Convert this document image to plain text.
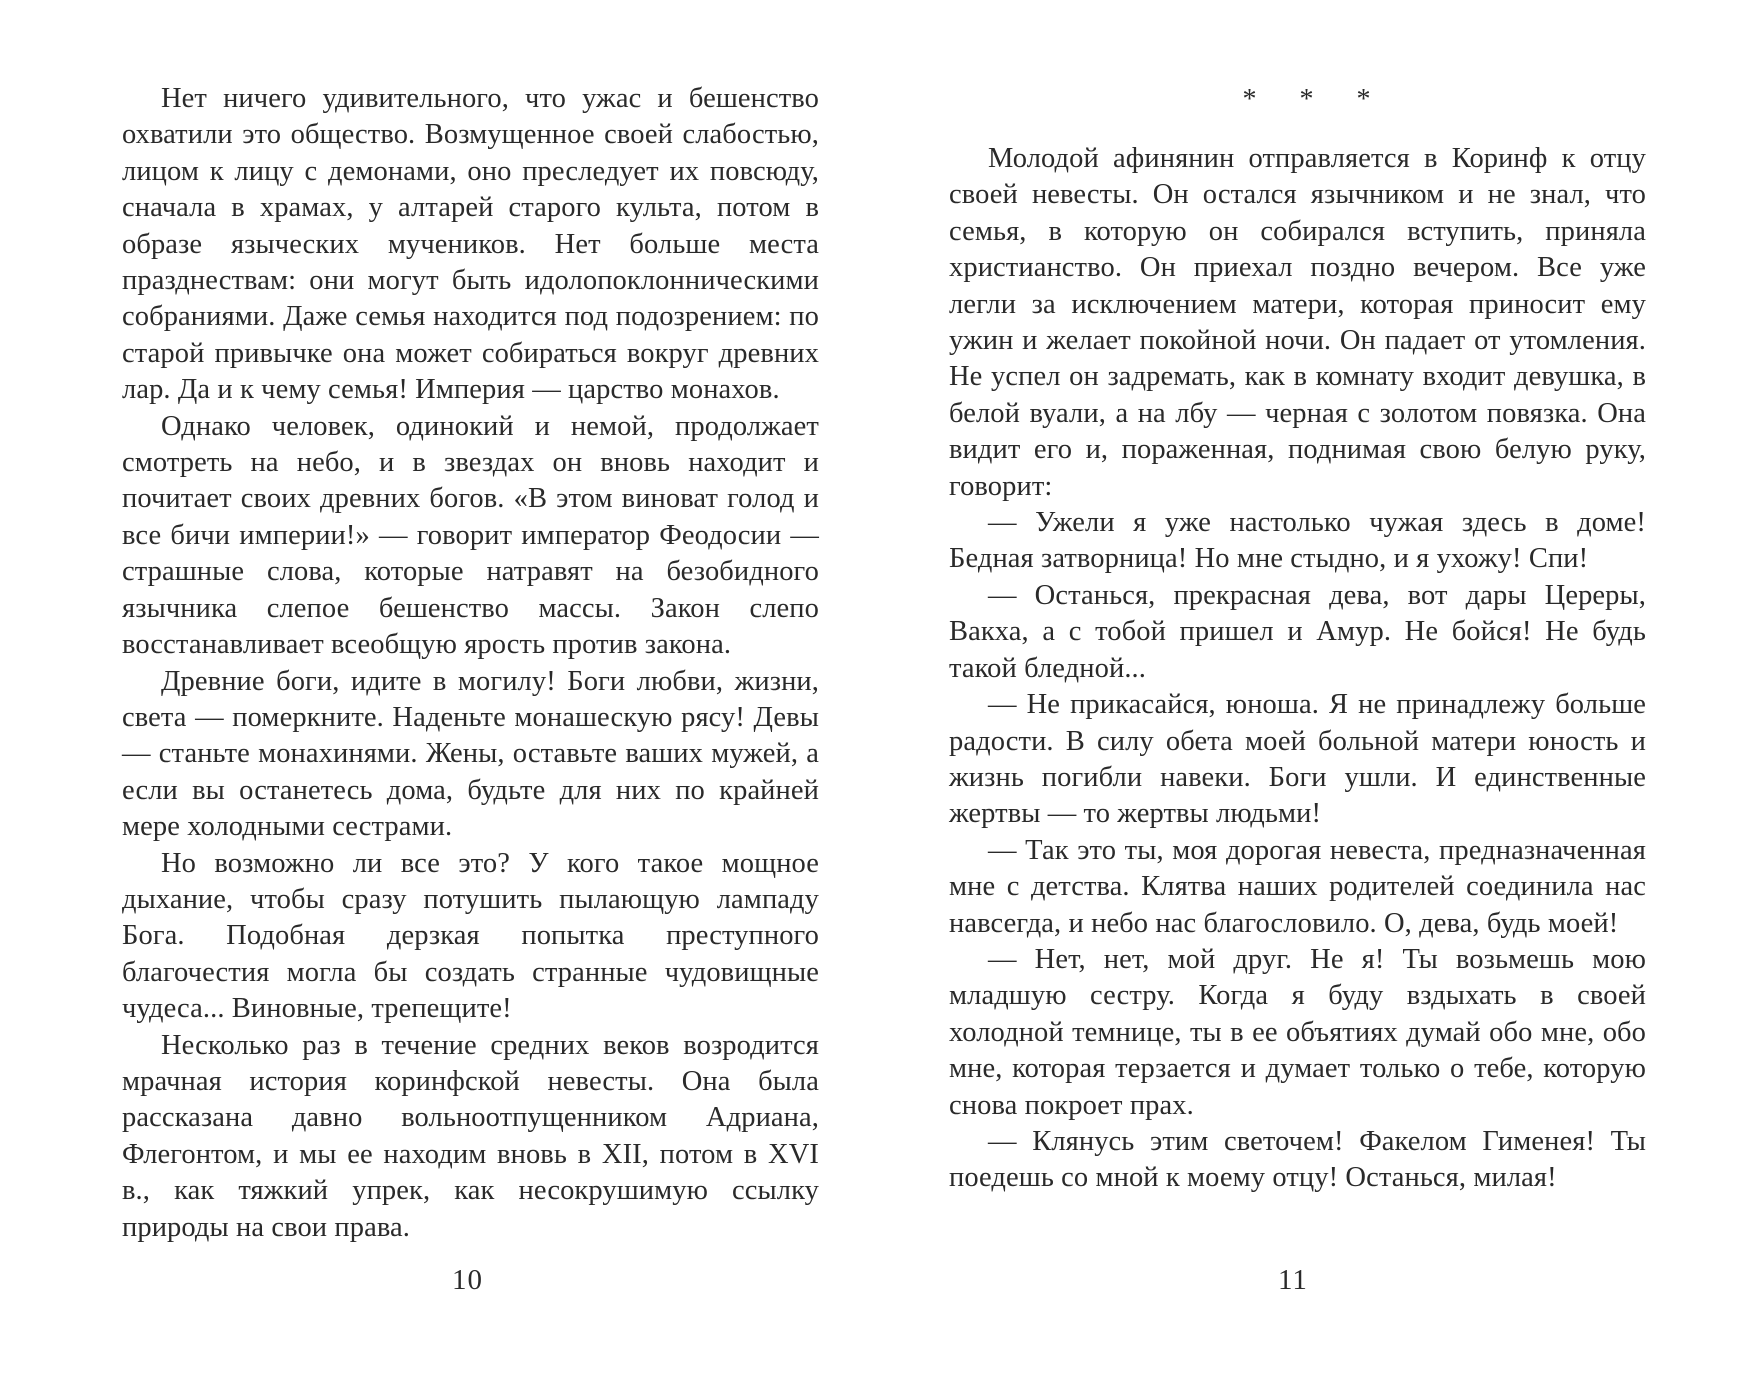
Нет ничего удивительного, что ужас и бешенство охватили это общество. Возмущенное своей слабостью, лицом к лицу с демонами, оно преследует их повсюду, сначала в храмах, у алтарей старого культа, потом в образе языческих мучеников. Нет больше места празднествам: они могут быть идолопоклонническими собраниями. Даже семья находится под подозрением: по старой привычке она может собираться вокруг древних лар. Да и к чему семья! Империя — царство монахов.

Однако человек, одинокий и немой, продолжает смотреть на небо, и в звездах он вновь находит и почитает своих древних богов. «В этом виноват голод и все бичи империи!» — говорит император Феодосии — страшные слова, которые натравят на безобидного язычника слепое бешенство массы. Закон слепо восстанавливает всеобщую ярость против закона.

Древние боги, идите в могилу! Боги любви, жизни, света — померкните. Наденьте монашескую рясу! Девы — станьте монахинями. Жены, оставьте ваших мужей, а если вы останетесь дома, будьте для них по крайней мере холодными сестрами.

Но возможно ли все это? У кого такое мощное дыхание, чтобы сразу потушить пылающую лампаду Бога. Подобная дерзкая попытка преступного благочестия могла бы создать странные чудовищные чудеса... Виновные, трепещите!

Несколько раз в течение средних веков возродится мрачная история коринфской невесты. Она была рассказана давно вольноотпущенником Адриана, Флегонтом, и мы ее находим вновь в XII, потом в XVI в., как тяжкий упрек, как несокрушимую ссылку природы на свои права.

10
* * *

Молодой афинянин отправляется в Коринф к отцу своей невесты. Он остался язычником и не знал, что семья, в которую он собирался вступить, приняла христианство. Он приехал поздно вечером. Все уже легли за исключением матери, которая приносит ему ужин и желает покойной ночи. Он падает от утомления. Не успел он задремать, как в комнату входит девушка, в белой вуали, а на лбу — черная с золотом повязка. Она видит его и, пораженная, поднимая свою белую руку, говорит:

— Ужели я уже настолько чужая здесь в доме! Бедная затворница! Но мне стыдно, и я ухожу! Спи!

— Останься, прекрасная дева, вот дары Цереры, Вакха, а с тобой пришел и Амур. Не бойся! Не будь такой бледной...

— Не прикасайся, юноша. Я не принадлежу больше радости. В силу обета моей больной матери юность и жизнь погибли навеки. Боги ушли. И единственные жертвы — то жертвы людьми!

— Так это ты, моя дорогая невеста, предназначенная мне с детства. Клятва наших родителей соединила нас навсегда, и небо нас благословило. О, дева, будь моей!

— Нет, нет, мой друг. Не я! Ты возьмешь мою младшую сестру. Когда я буду вздыхать в своей холодной темнице, ты в ее объятиях думай обо мне, обо мне, которая терзается и думает только о тебе, которую снова покроет прах.

— Клянусь этим светочем! Факелом Гименея! Ты поедешь со мной к моему отцу! Останься, милая!

11
